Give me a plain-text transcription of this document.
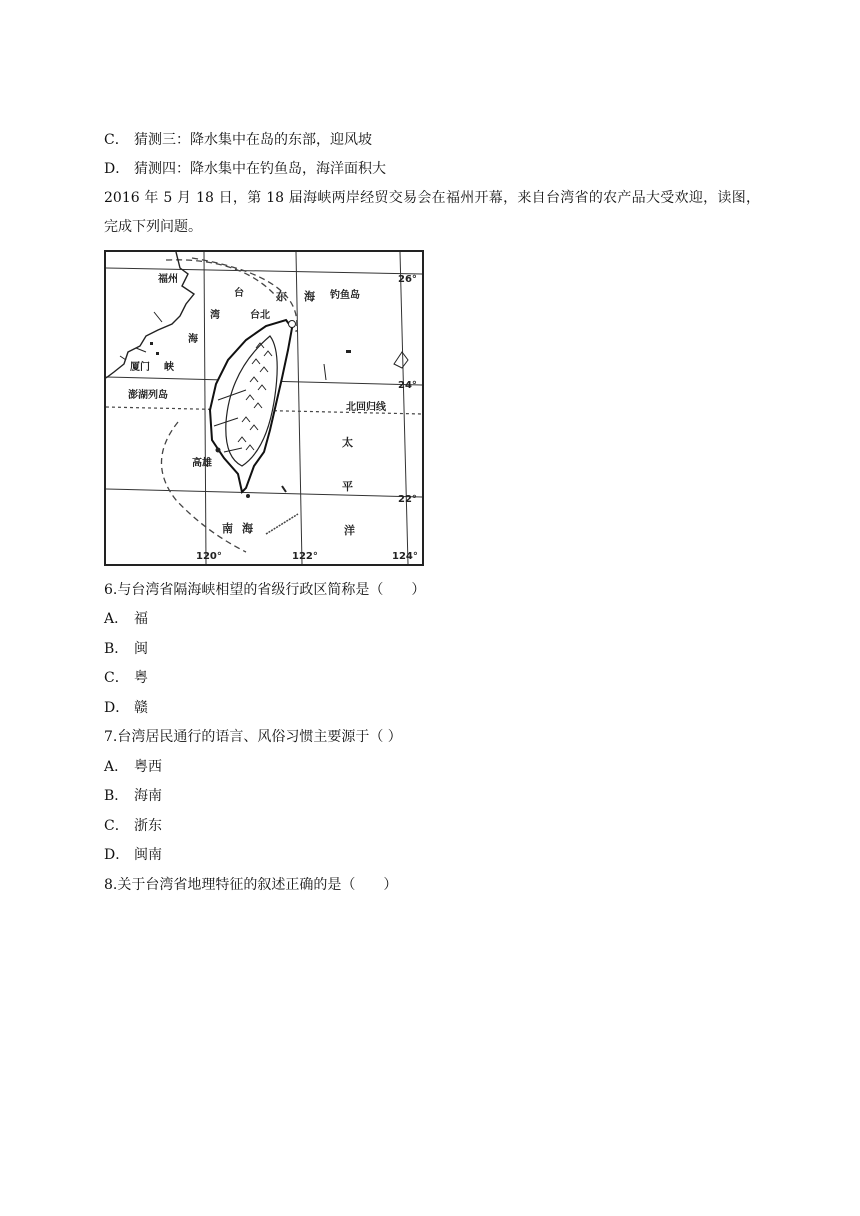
C． 猜测三：降水集中在岛的东部，迎风坡
D． 猜测四：降水集中在钓鱼岛，海洋面积大
2016 年 5 月 18 日，第 18 届海峡两岸经贸交易会在福州开幕，来自台湾省的农产品大受欢迎，读图，完成下列问题。
福州
台	东 海 钓鱼岛
台北
湾
海
峡
厦门
澎湖列岛
北回归线
高雄
太
平
洋
南 海
26°
24°
22°
120°	122°	124°
6.与台湾省隔海峡相望的省级行政区简称是（　　）
A． 福
B． 闽
C． 粤
D． 赣
7.台湾居民通行的语言、风俗习惯主要源于（ ）
A． 粤西
B． 海南
C． 浙东
D． 闽南
8.关于台湾省地理特征的叙述正确的是（　　）
